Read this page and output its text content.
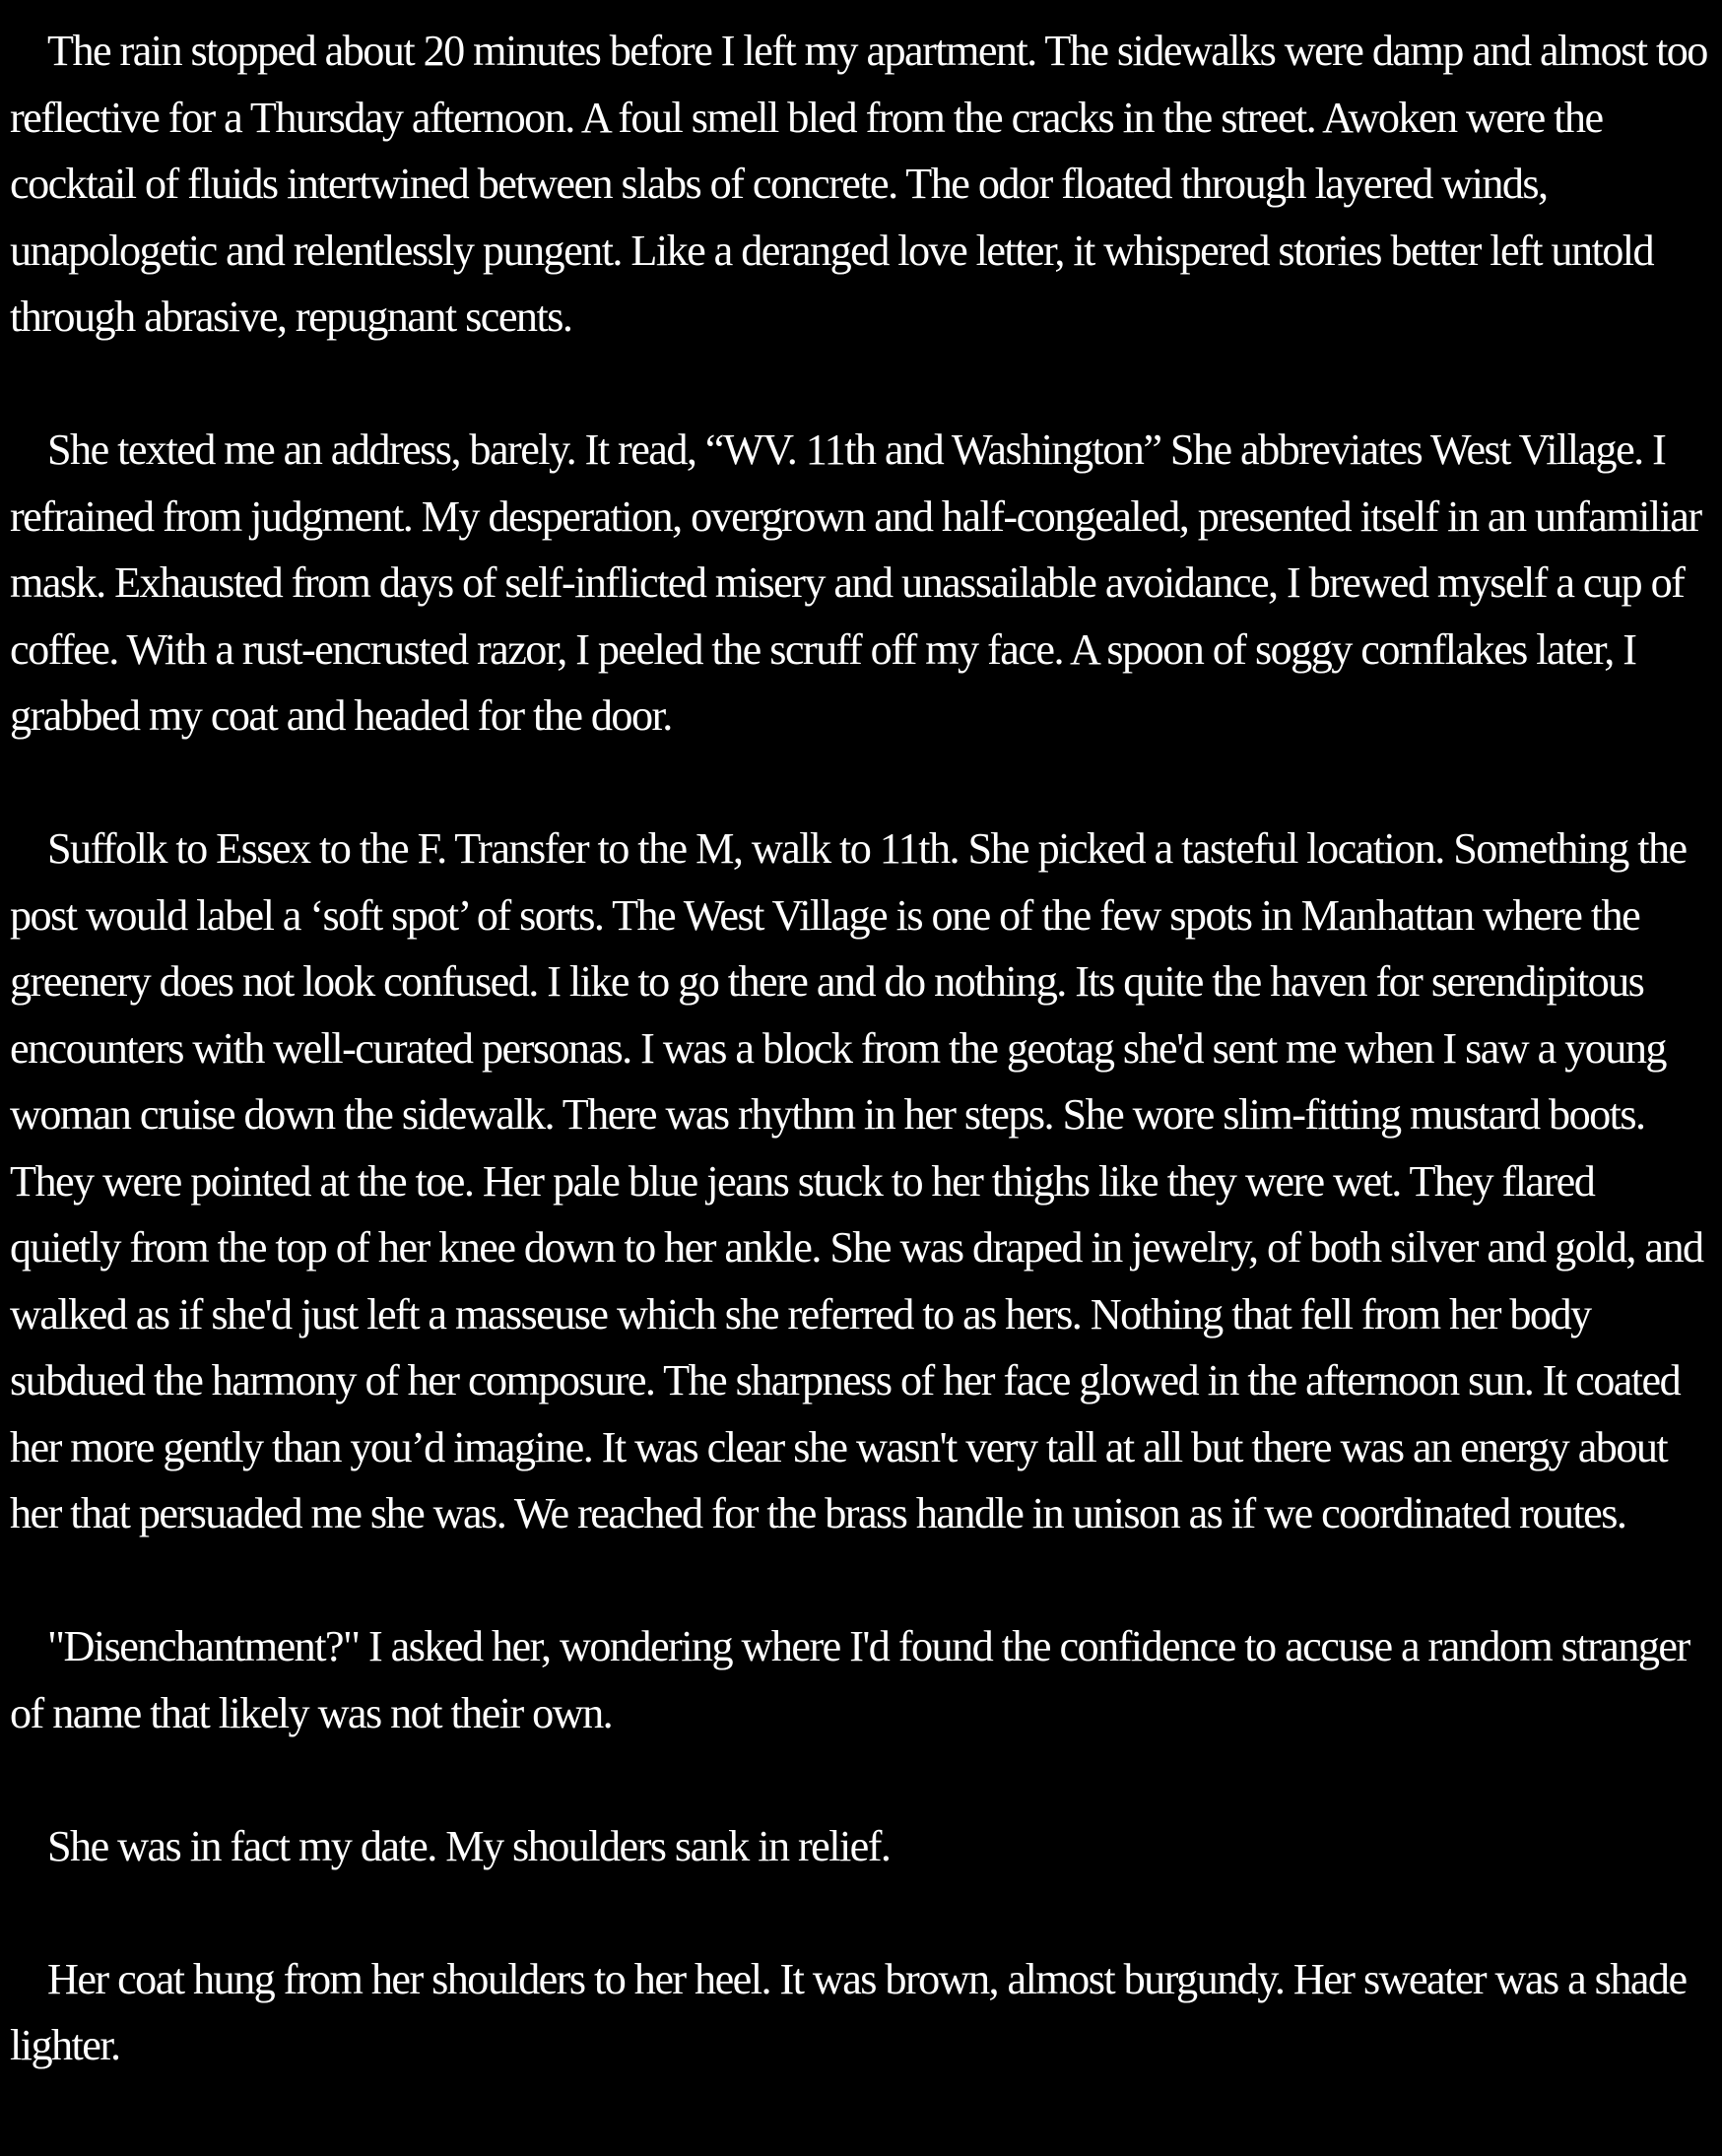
The rain stopped about 20 minutes before I left my apartment. The sidewalks were damp and almost too reflective for a Thursday afternoon. A foul smell bled from the cracks in the street. Awoken were the cocktail of fluids intertwined between slabs of concrete. The odor floated through layered winds, unapologetic and relentlessly pungent. Like a deranged love letter, it whispered stories better left untold through abrasive, repugnant scents.

She texted me an address, barely. It read, “WV. 11th and Washington” She abbreviates West Village. I refrained from judgment. My desperation, overgrown and half-congealed, presented itself in an unfamiliar mask. Exhausted from days of self-inflicted misery and unassailable avoidance, I brewed myself a cup of coffee. With a rust-encrusted razor, I peeled the scruff off my face. A spoon of soggy cornflakes later, I grabbed my coat and headed for the door.

Suffolk to Essex to the F. Transfer to the M, walk to 11th. She picked a tasteful location. Something the post would label a ‘soft spot’ of sorts. The West Village is one of the few spots in Manhattan where the greenery does not look confused. I like to go there and do nothing. Its quite the haven for serendipitous encounters with well-curated personas. I was a block from the geotag she'd sent me when I saw a young woman cruise down the sidewalk. There was rhythm in her steps. She wore slim-fitting mustard boots. They were pointed at the toe. Her pale blue jeans stuck to her thighs like they were wet. They flared quietly from the top of her knee down to her ankle. She was draped in jewelry, of both silver and gold, and walked as if she'd just left a masseuse which she referred to as hers. Nothing that fell from her body subdued the harmony of her composure. The sharpness of her face glowed in the afternoon sun. It coated her more gently than you’d imagine. It was clear she wasn't very tall at all but there was an energy about her that persuaded me she was. We reached for the brass handle in unison as if we coordinated routes.

"Disenchantment?" I asked her, wondering where I'd found the confidence to accuse a random stranger of name that likely was not their own.

She was in fact my date. My shoulders sank in relief.

Her coat hung from her shoulders to her heel. It was brown, almost burgundy. Her sweater was a shade lighter.
